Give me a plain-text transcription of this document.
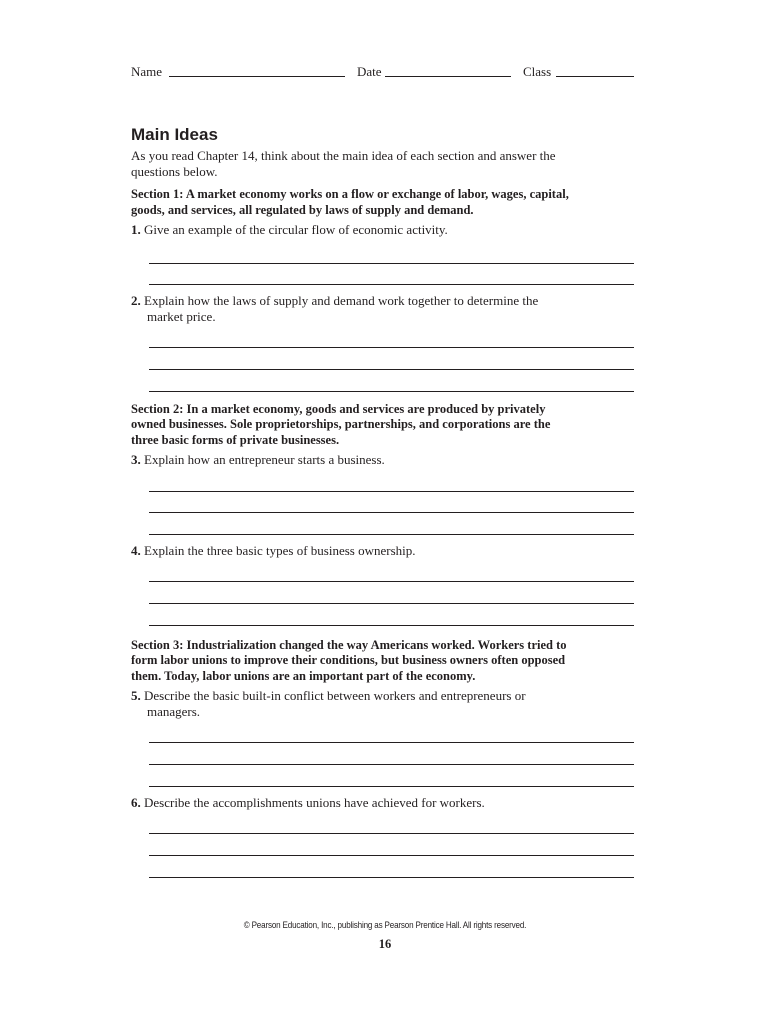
Name	Date	Class
Main Ideas

As you read Chapter 14, think about the main idea of each section and answer the questions below.

Section 1: A market economy works on a flow or exchange of labor, wages, capital, goods, and services, all regulated by laws of supply and demand.

1. Give an example of the circular flow of economic activity.

2. Explain how the laws of supply and demand work together to determine the market price.

Section 2: In a market economy, goods and services are produced by privately owned businesses. Sole proprietorships, partnerships, and corporations are the three basic forms of private businesses.

3. Explain how an entrepreneur starts a business.

4. Explain the three basic types of business ownership.

Section 3: Industrialization changed the way Americans worked. Workers tried to form labor unions to improve their conditions, but business owners often opposed them. Today, labor unions are an important part of the economy.

5. Describe the basic built-in conflict between workers and entrepreneurs or managers.

6. Describe the accomplishments unions have achieved for workers.

© Pearson Education, Inc., publishing as Pearson Prentice Hall. All rights reserved.
16
